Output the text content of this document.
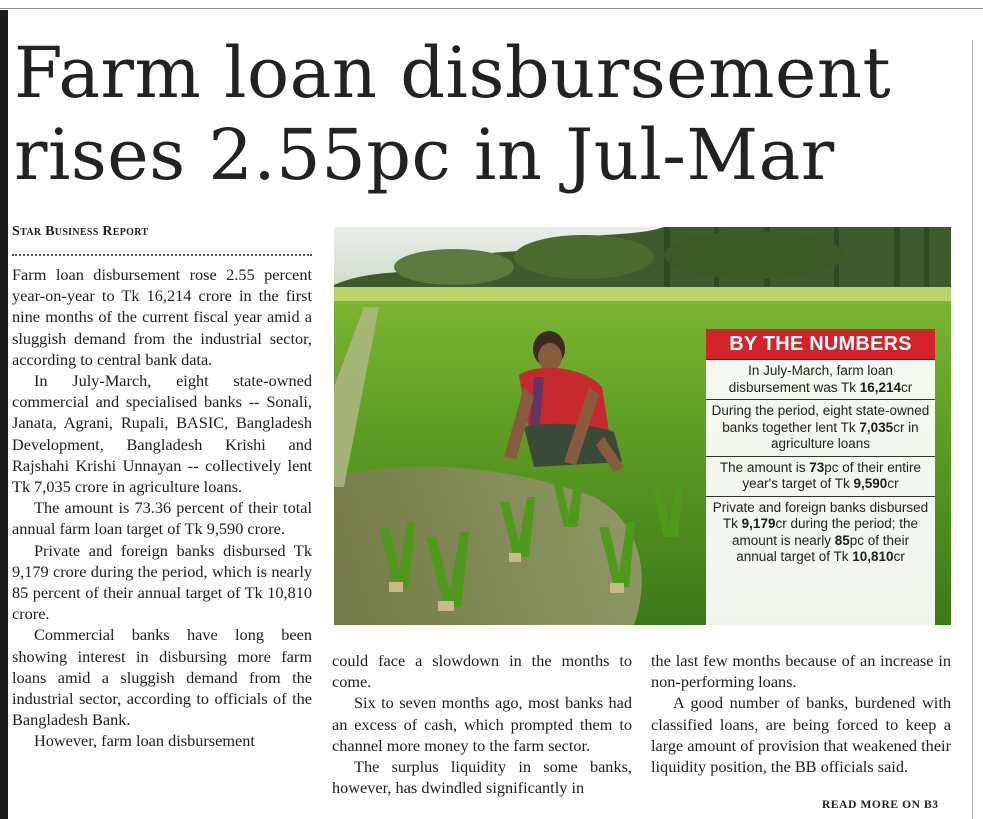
Farm loan disbursement
rises 2.55pc in Jul-Mar
Star Business Report

Farm loan disbursement rose 2.55 percent year-on-year to Tk 16,214 crore in the first nine months of the current fiscal year amid a sluggish demand from the industrial sector, according to central bank data.

In July-March, eight state-owned commercial and specialised banks -- Sonali, Janata, Agrani, Rupali, BASIC, Bangladesh Development, Bangladesh Krishi and Rajshahi Krishi Unnayan -- collectively lent Tk 7,035 crore in agriculture loans.

The amount is 73.36 percent of their total annual farm loan target of Tk 9,590 crore.

Private and foreign banks disbursed Tk 9,179 crore during the period, which is nearly 85 percent of their annual target of Tk 10,810 crore.

Commercial banks have long been showing interest in disbursing more farm loans amid a sluggish demand from the industrial sector, according to officials of the Bangladesh Bank.

However, farm loan disbursement

BY THE NUMBERS
In July-March, farm loan disbursement was Tk 16,214cr
During the period, eight state-owned banks together lent Tk 7,035cr in agriculture loans
The amount is 73pc of their entire year's target of Tk 9,590cr
Private and foreign banks disbursed Tk 9,179cr during the period; the amount is nearly 85pc of their annual target of Tk 10,810cr

could face a slowdown in the months to come.

Six to seven months ago, most banks had an excess of cash, which prompted them to channel more money to the farm sector.

The surplus liquidity in some banks, however, has dwindled significantly in

the last few months because of an increase in non-performing loans.

A good number of banks, burdened with classified loans, are being forced to keep a large amount of provision that weakened their liquidity position, the BB officials said.

READ MORE ON B3
